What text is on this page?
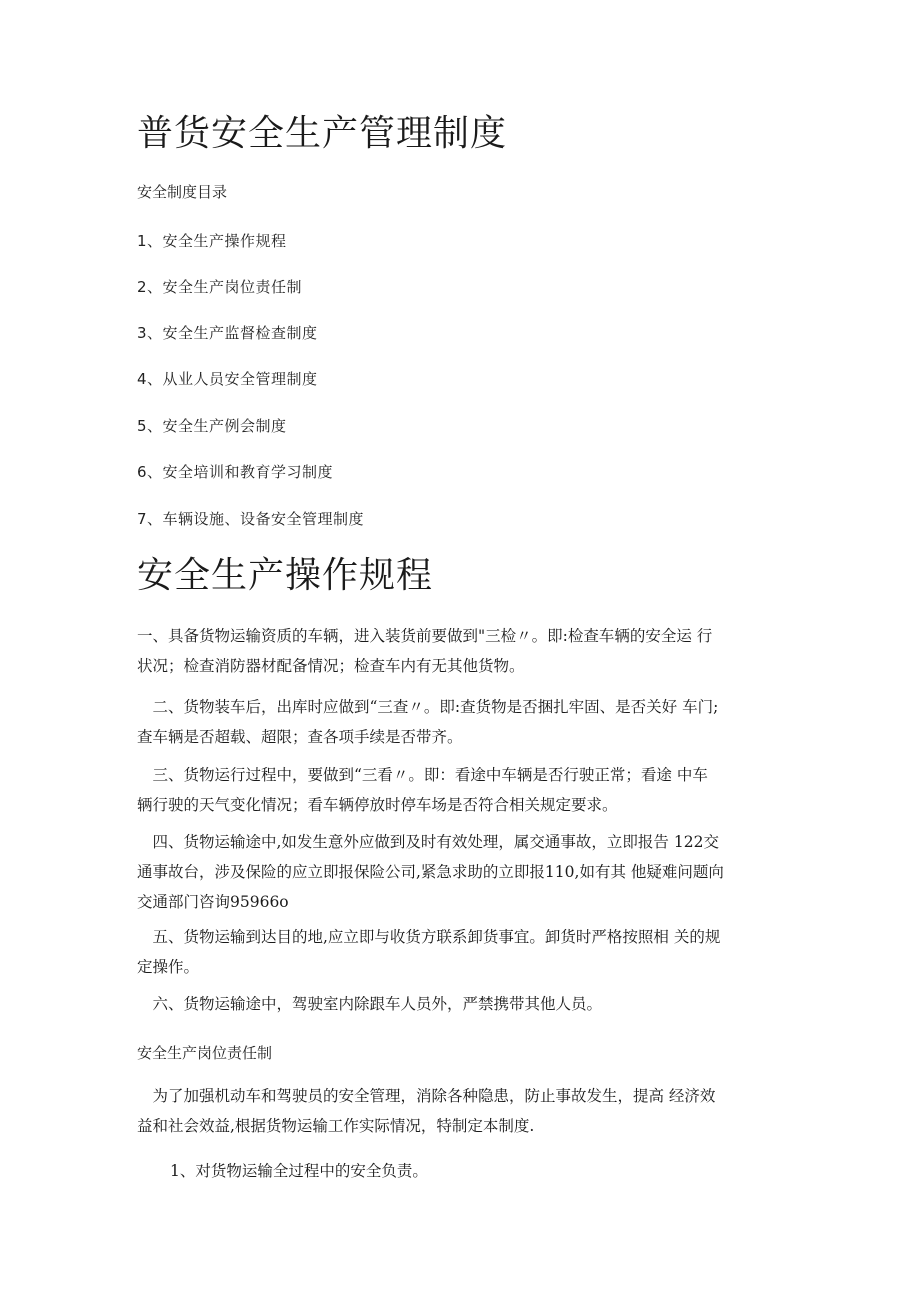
普货安全生产管理制度
安全制度目录
1、安全生产操作规程
2、安全生产岗位责任制
3、安全生产监督检查制度
4、从业人员安全管理制度
5、安全生产例会制度
6、安全培训和教育学习制度
7、车辆设施、设备安全管理制度
安全生产操作规程
一、具备货物运输资质的车辆，进入装货前要做到"三检〃。即:检查车辆的安全运 行
状况；检查消防器材配备情况；检查车内有无其他货物。
　二、货物装车后，出库时应做到“三查〃。即:查货物是否捆扎牢固、是否关好 车门;
查车辆是否超载、超限；查各项手续是否带齐。
　三、货物运行过程中，要做到“三看〃。即：看途中车辆是否行驶正常；看途 中车
辆行驶的天气变化情况；看车辆停放时停车场是否符合相关规定要求。
　四、货物运输途中,如发生意外应做到及时有效处理，属交通事故，立即报告 122交
通事故台，涉及保险的应立即报保险公司,紧急求助的立即报110,如有其 他疑难问题向
交通部门咨询95966o
　五、货物运输到达目的地,应立即与收货方联系卸货事宜。卸货时严格按照相 关的规
定操作。
　六、货物运输途中，驾驶室内除跟车人员外，严禁携带其他人员。
安全生产岗位责任制
　为了加强机动车和驾驶员的安全管理，消除各种隐患，防止事故发生，提高 经济效
益和社会效益,根据货物运输工作实际情况，特制定本制度.
1、对货物运输全过程中的安全负责。
